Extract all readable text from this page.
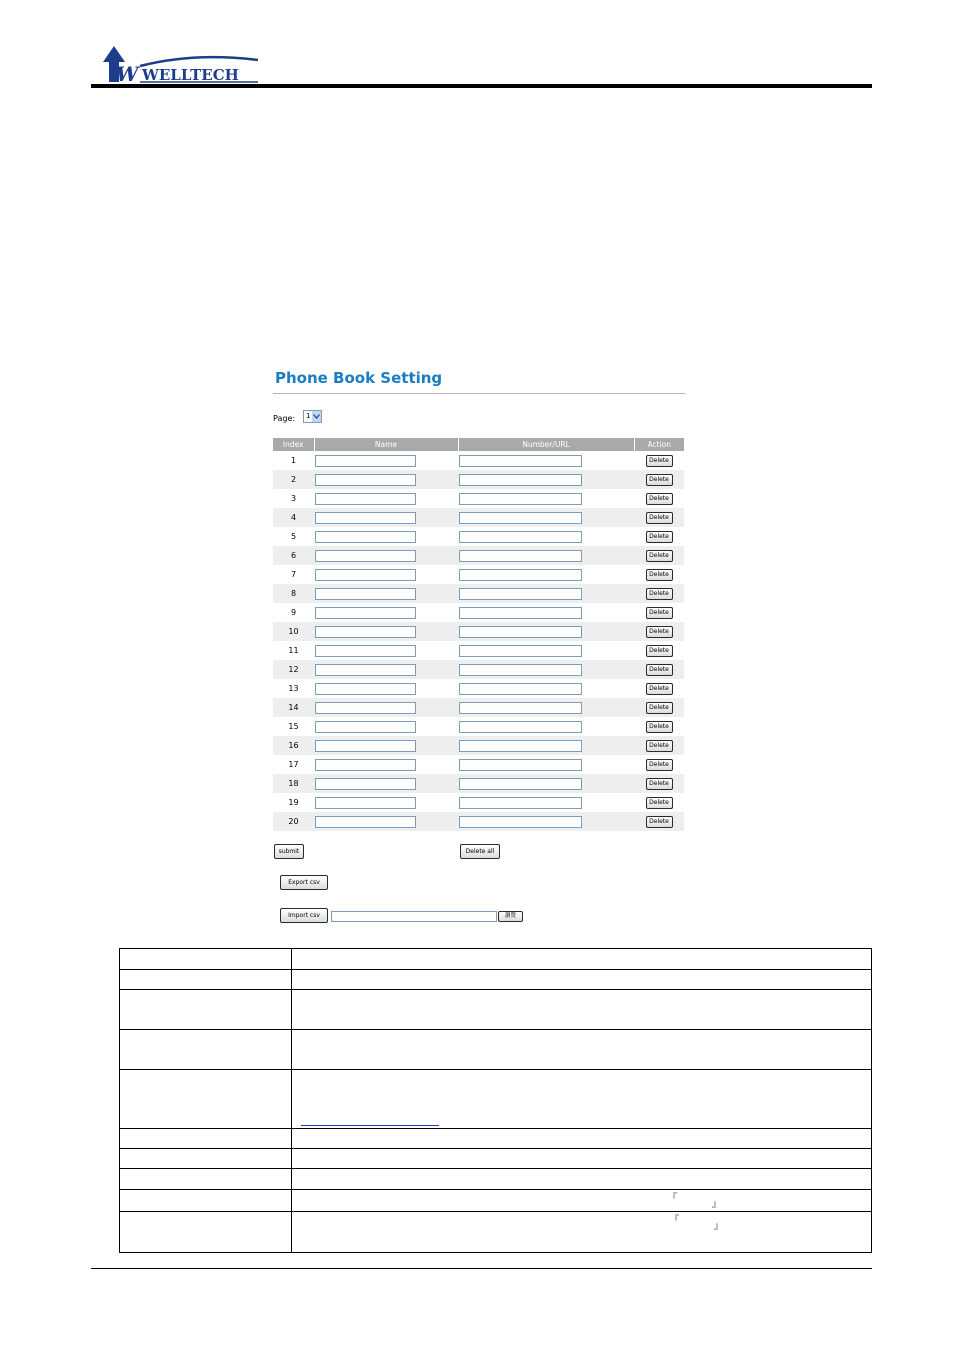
W WELLTECH
Phone Book Setting
Page: 1
Index	Name	Number/URL	Action
1			Delete
2			Delete
3			Delete
4			Delete
5			Delete
6			Delete
7			Delete
8			Delete
9			Delete
10			Delete
11			Delete
12			Delete
13			Delete
14			Delete
15			Delete
16			Delete
17			Delete
18			Delete
19			Delete
20			Delete
submit	Delete all
Export csv
Import csv	瀏覽
『
』
『
』
